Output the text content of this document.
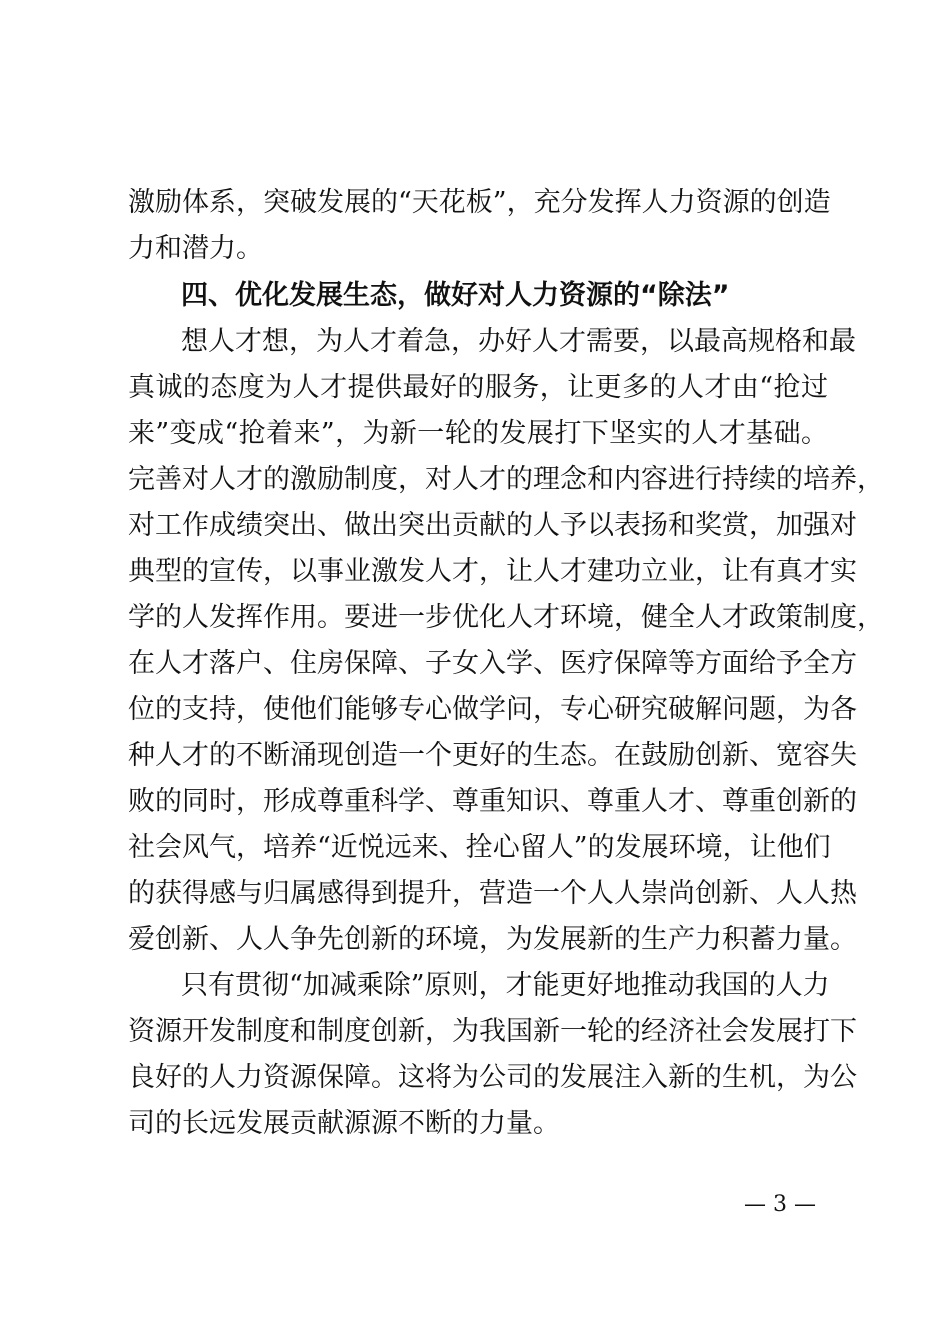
激励体系，突破发展的“天花板”，充分发挥人力资源的创造
力和潜力。
四、优化发展生态，做好对人力资源的“除法”
想人才想，为人才着急，办好人才需要，以最高规格和最
真诚的态度为人才提供最好的服务，让更多的人才由“抢过
来”变成“抢着来”，为新一轮的发展打下坚实的人才基础。
完善对人才的激励制度，对人才的理念和内容进行持续的培养，
对工作成绩突出、做出突出贡献的人予以表扬和奖赏，加强对
典型的宣传，以事业激发人才，让人才建功立业，让有真才实
学的人发挥作用。要进一步优化人才环境，健全人才政策制度，
在人才落户、住房保障、子女入学、医疗保障等方面给予全方
位的支持，使他们能够专心做学问，专心研究破解问题，为各
种人才的不断涌现创造一个更好的生态。在鼓励创新、宽容失
败的同时，形成尊重科学、尊重知识、尊重人才、尊重创新的
社会风气，培养“近悦远来、拴心留人”的发展环境，让他们
的获得感与归属感得到提升，营造一个人人崇尚创新、人人热
爱创新、人人争先创新的环境，为发展新的生产力积蓄力量。
只有贯彻“加减乘除”原则，才能更好地推动我国的人力
资源开发制度和制度创新，为我国新一轮的经济社会发展打下
良好的人力资源保障。这将为公司的发展注入新的生机，为公
司的长远发展贡献源源不断的力量。
— 3 —
